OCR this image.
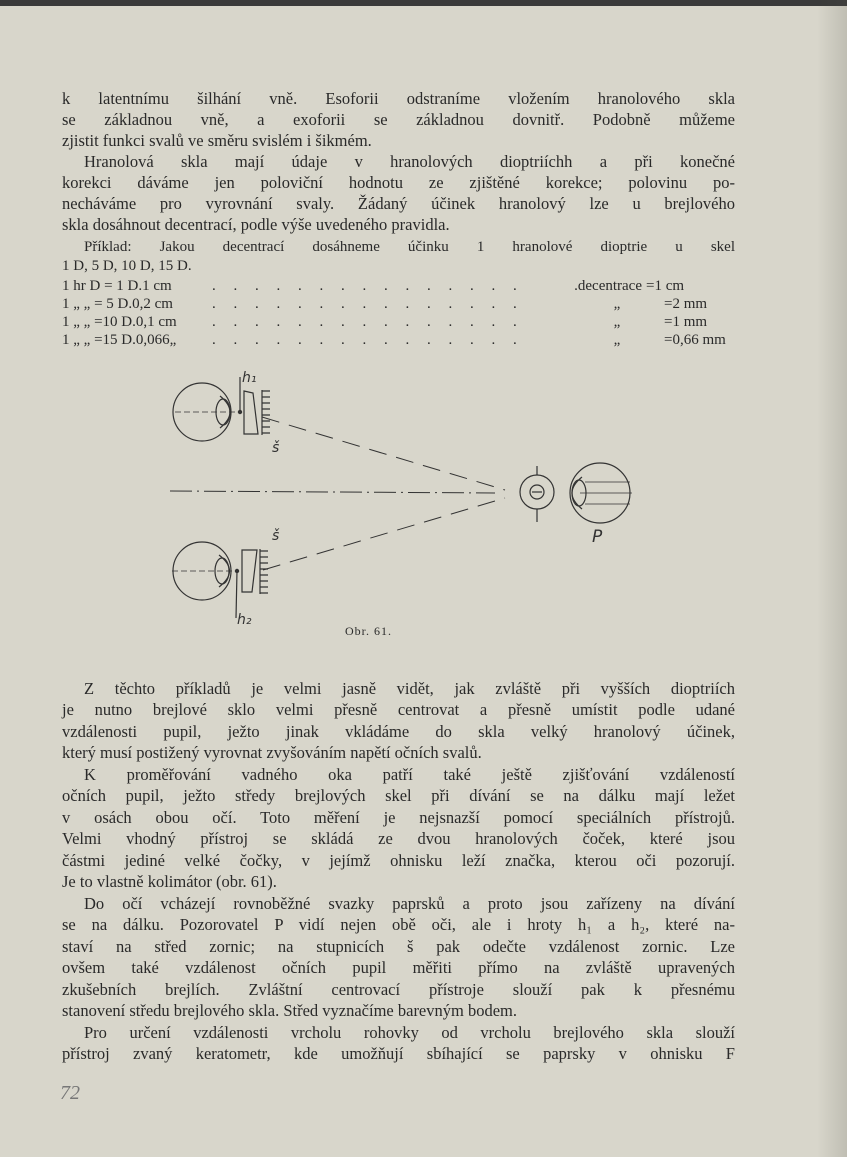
k latentnímu šilhání vně. Esoforii odstraníme vložením hranolového skla
se základnou vně, a exoforii se základnou dovnitř. Podobně můžeme
zjistit funkci svalů ve směru svislém i šikmém.
Hranolová skla mají údaje v hranolových dioptriíchh a při konečné
korekci dáváme jen poloviční hodnotu ze zjištěné korekce; polovinu po-
necháváme pro vyrovnání svaly. Žádaný účinek hranolový lze u brejlového
skla dosáhnout decentrací, podle výše uvedeného pravidla.
Příklad: Jakou decentrací dosáhneme účinku 1 hranolové dioptrie u skel
1 D, 5 D, 10 D, 15 D.
1 hr D = 1 D.1 cm	. . . . . . . . . . . . . . .	.decentrace =1 cm
1 „ „ = 5 D.0,2 cm	. . . . . . . . . . . . . . .	„	=2 mm
1 „ „ =10 D.0,1 cm . . . . . . . . . . . . . . .	„	=1 mm
1 „ „ =15 D.0,066„ . . . . . . . . . . . . . . .	„	=0,66 mm
h₁
š
š
h₂
P
Obr. 61.
Z těchto příkladů je velmi jasně vidět, jak zvláště při vyšších dioptriích
je nutno brejlové sklo velmi přesně centrovat a přesně umístit podle udané
vzdálenosti pupil, ježto jinak vkládáme do skla velký hranolový účinek,
který musí postižený vyrovnat zvyšováním napětí očních svalů.
K proměřování vadného oka patří také ještě zjišťování vzdáleností
očních pupil, ježto středy brejlových skel při dívání se na dálku mají ležet
v osách obou očí. Toto měření je nejsnazší pomocí speciálních přístrojů.
Velmi vhodný přístroj se skládá ze dvou hranolových čoček, které jsou
částmi jediné velké čočky, v jejímž ohnisku leží značka, kterou oči pozorují.
Je to vlastně kolimátor (obr. 61).
Do očí vcházejí rovnoběžné svazky paprsků a proto jsou zařízeny na dívání
se na dálku. Pozorovatel P vidí nejen obě oči, ale i hroty h₁ a h₂, které na-
staví na střed zornic; na stupnicích š pak odečte vzdálenost zornic. Lze
ovšem také vzdálenost očních pupil měřiti přímo na zvláště upravených
zkušebních brejlích. Zvláštní centrovací přístroje slouží pak k přesnému
stanovení středu brejlového skla. Střed vyznačíme barevným bodem.
Pro určení vzdálenosti vrcholu rohovky od vrcholu brejlového skla slouží
přístroj zvaný keratometr, kde umožňují sbíhající se paprsky v ohnisku F
72
